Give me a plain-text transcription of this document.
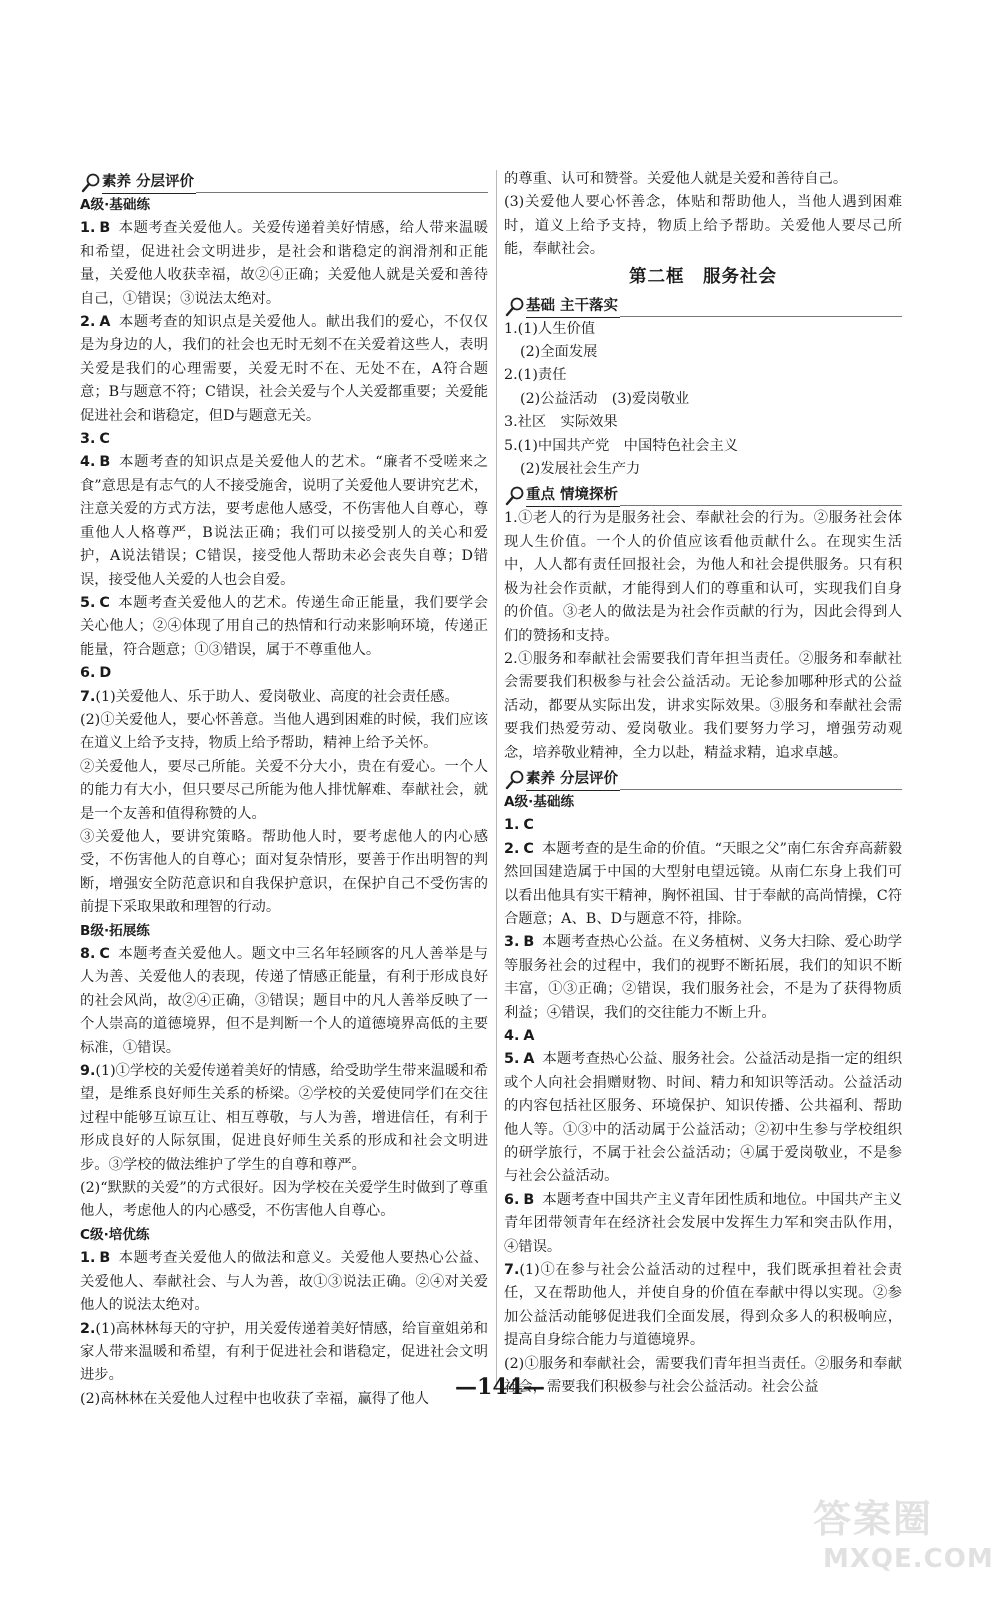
素养 分层评价
A级·基础练

1. B 本题考查关爱他人。关爱传递着美好情感，给人带来温暖和希望，促进社会文明进步，是社会和谐稳定的润滑剂和正能量，关爱他人收获幸福，故②④正确；关爱他人就是关爱和善待自己，①错误；③说法太绝对。

2. A 本题考查的知识点是关爱他人。献出我们的爱心，不仅仅是为身边的人，我们的社会也无时无刻不在关爱着这些人，表明关爱是我们的心理需要，关爱无时不在、无处不在，A符合题意；B与题意不符；C错误，社会关爱与个人关爱都重要；关爱能促进社会和谐稳定，但D与题意无关。

3. C

4. B 本题考查的知识点是关爱他人的艺术。“廉者不受嗟来之食”意思是有志气的人不接受施舍，说明了关爱他人要讲究艺术，注意关爱的方式方法，要考虑他人感受，不伤害他人自尊心，尊重他人人格尊严，B说法正确；我们可以接受别人的关心和爱护，A说法错误；C错误，接受他人帮助未必会丧失自尊；D错误，接受他人关爱的人也会自爱。

5. C 本题考查关爱他人的艺术。传递生命正能量，我们要学会关心他人；②④体现了用自己的热情和行动来影响环境，传递正能量，符合题意；①③错误，属于不尊重他人。

6. D

7.(1)关爱他人、乐于助人、爱岗敬业、高度的社会责任感。

(2)①关爱他人，要心怀善意。当他人遇到困难的时候，我们应该在道义上给予支持，物质上给予帮助，精神上给予关怀。

②关爱他人，要尽己所能。关爱不分大小，贵在有爱心。一个人的能力有大小，但只要尽己所能为他人排忧解难、奉献社会，就是一个友善和值得称赞的人。

③关爱他人，要讲究策略。帮助他人时，要考虑他人的内心感受，不伤害他人的自尊心；面对复杂情形，要善于作出明智的判断，增强安全防范意识和自我保护意识，在保护自己不受伤害的前提下采取果敢和理智的行动。

B级·拓展练

8. C 本题考查关爱他人。题文中三名年轻顾客的凡人善举是与人为善、关爱他人的表现，传递了情感正能量，有利于形成良好的社会风尚，故②④正确，③错误；题目中的凡人善举反映了一个人崇高的道德境界，但不是判断一个人的道德境界高低的主要标准，①错误。

9.(1)①学校的关爱传递着美好的情感，给受助学生带来温暖和希望，是维系良好师生关系的桥梁。②学校的关爱使同学们在交往过程中能够互谅互让、相互尊敬，与人为善，增进信任，有利于形成良好的人际氛围，促进良好师生关系的形成和社会文明进步。③学校的做法维护了学生的自尊和尊严。

(2)“默默的关爱”的方式很好。因为学校在关爱学生时做到了尊重他人，考虑他人的内心感受，不伤害他人自尊心。

C级·培优练

1. B 本题考查关爱他人的做法和意义。关爱他人要热心公益、关爱他人、奉献社会、与人为善，故①③说法正确。②④对关爱他人的说法太绝对。

2.(1)高林林每天的守护，用关爱传递着美好情感，给盲童姐弟和家人带来温暖和希望，有利于促进社会和谐稳定，促进社会文明进步。

(2)高林林在关爱他人过程中也收获了幸福，赢得了他人

的尊重、认可和赞誉。关爱他人就是关爱和善待自己。

(3)关爱他人要心怀善念，体贴和帮助他人，当他人遇到困难时，道义上给予支持，物质上给予帮助。关爱他人要尽己所能，奉献社会。

第二框　服务社会
基础 主干落实

1.(1)人生价值

(2)全面发展

2.(1)责任

(2)公益活动　(3)爱岗敬业

3.社区　实际效果

5.(1)中国共产党　中国特色社会主义

(2)发展社会生产力

重点 情境探析

1.①老人的行为是服务社会、奉献社会的行为。②服务社会体现人生价值。一个人的价值应该看他贡献什么。在现实生活中，人人都有责任回报社会，为他人和社会提供服务。只有积极为社会作贡献，才能得到人们的尊重和认可，实现我们自身的价值。③老人的做法是为社会作贡献的行为，因此会得到人们的赞扬和支持。

2.①服务和奉献社会需要我们青年担当责任。②服务和奉献社会需要我们积极参与社会公益活动。无论参加哪种形式的公益活动，都要从实际出发，讲求实际效果。③服务和奉献社会需要我们热爱劳动、爱岗敬业。我们要努力学习，增强劳动观念，培养敬业精神，全力以赴，精益求精，追求卓越。

素养 分层评价
A级·基础练

1. C

2. C 本题考查的是生命的价值。“天眼之父”南仁东舍弃高薪毅然回国建造属于中国的大型射电望远镜。从南仁东身上我们可以看出他具有实干精神，胸怀祖国、甘于奉献的高尚情操，C符合题意；A、B、D与题意不符，排除。

3. B 本题考查热心公益。在义务植树、义务大扫除、爱心助学等服务社会的过程中，我们的视野不断拓展，我们的知识不断丰富，①③正确；②错误，我们服务社会，不是为了获得物质利益；④错误，我们的交往能力不断上升。

4. A

5. A 本题考查热心公益、服务社会。公益活动是指一定的组织或个人向社会捐赠财物、时间、精力和知识等活动。公益活动的内容包括社区服务、环境保护、知识传播、公共福利、帮助他人等。①③中的活动属于公益活动；②初中生参与学校组织的研学旅行，不属于社会公益活动；④属于爱岗敬业，不是参与社会公益活动。

6. B 本题考查中国共产主义青年团性质和地位。中国共产主义青年团带领青年在经济社会发展中发挥生力军和突击队作用，④错误。

7.(1)①在参与社会公益活动的过程中，我们既承担着社会责任，又在帮助他人，并使自身的价值在奉献中得以实现。②参加公益活动能够促进我们全面发展，得到众多人的积极响应，提高自身综合能力与道德境界。

(2)①服务和奉献社会，需要我们青年担当责任。②服务和奉献社会，需要我们积极参与社会公益活动。社会公益

—144—
答案圈
MXQE.COM
